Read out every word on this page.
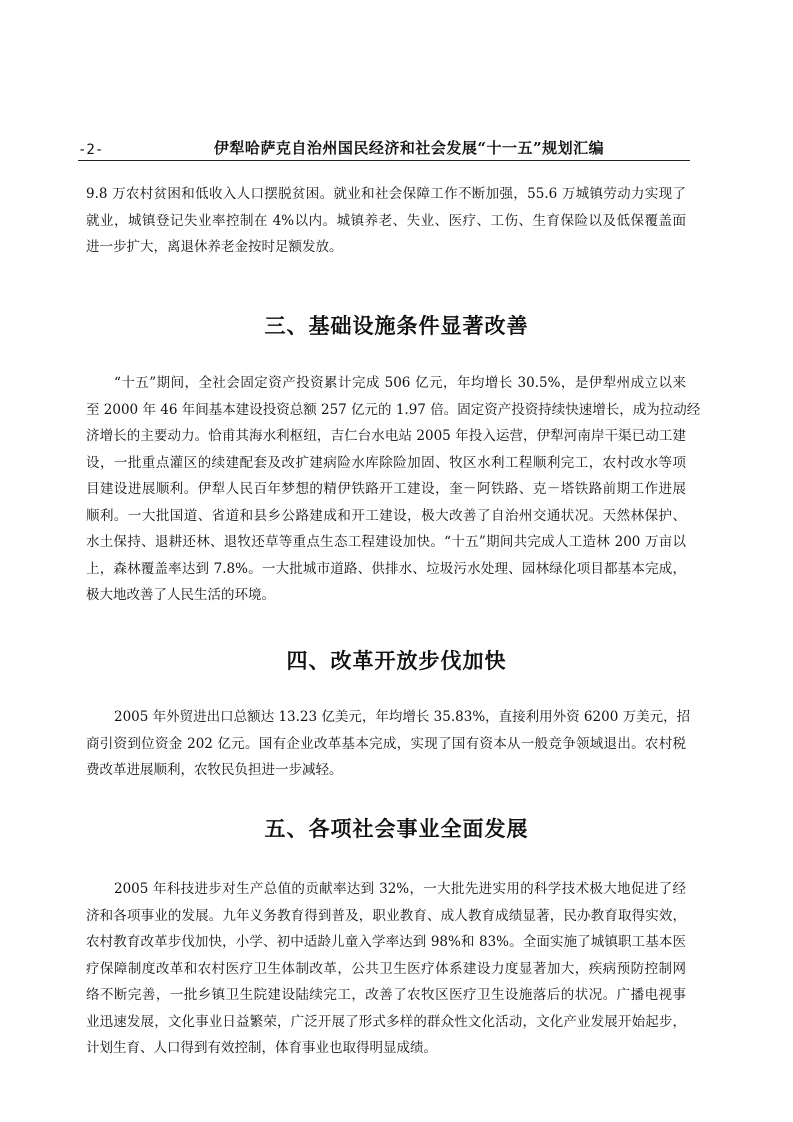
-2-	伊犁哈萨克自治州国民经济和社会发展“十一五”规划汇编

9.8 万农村贫困和低收入人口摆脱贫困。就业和社会保障工作不断加强，55.6 万城镇劳动力实现了
就业，城镇登记失业率控制在 4%以内。城镇养老、失业、医疗、工伤、生育保险以及低保覆盖面
进一步扩大，离退休养老金按时足额发放。

三、基础设施条件显著改善

“十五”期间，全社会固定资产投资累计完成 506 亿元，年均增长 30.5%，是伊犁州成立以来
至 2000 年 46 年间基本建设投资总额 257 亿元的 1.97 倍。固定资产投资持续快速增长，成为拉动经
济增长的主要动力。恰甫其海水利枢纽，吉仁台水电站 2005 年投入运营，伊犁河南岸干渠已动工建
设，一批重点灌区的续建配套及改扩建病险水库除险加固、牧区水利工程顺利完工，农村改水等项
目建设进展顺利。伊犁人民百年梦想的精伊铁路开工建设，奎－阿铁路、克－塔铁路前期工作进展
顺利。一大批国道、省道和县乡公路建成和开工建设，极大改善了自治州交通状况。天然林保护、
水土保持、退耕还林、退牧还草等重点生态工程建设加快。“十五”期间共完成人工造林 200 万亩以
上，森林覆盖率达到 7.8%。一大批城市道路、供排水、垃圾污水处理、园林绿化项目都基本完成，
极大地改善了人民生活的环境。

四、改革开放步伐加快

2005 年外贸进出口总额达 13.23 亿美元，年均增长 35.83%，直接利用外资 6200 万美元，招
商引资到位资金 202 亿元。国有企业改革基本完成，实现了国有资本从一般竞争领域退出。农村税
费改革进展顺利，农牧民负担进一步减轻。

五、各项社会事业全面发展

2005 年科技进步对生产总值的贡献率达到 32%，一大批先进实用的科学技术极大地促进了经
济和各项事业的发展。九年义务教育得到普及，职业教育、成人教育成绩显著，民办教育取得实效，
农村教育改革步伐加快，小学、初中适龄儿童入学率达到 98%和 83%。全面实施了城镇职工基本医
疗保障制度改革和农村医疗卫生体制改革，公共卫生医疗体系建设力度显著加大，疾病预防控制网
络不断完善，一批乡镇卫生院建设陆续完工，改善了农牧区医疗卫生设施落后的状况。广播电视事
业迅速发展，文化事业日益繁荣，广泛开展了形式多样的群众性文化活动，文化产业发展开始起步，
计划生育、人口得到有效控制，体育事业也取得明显成绩。
